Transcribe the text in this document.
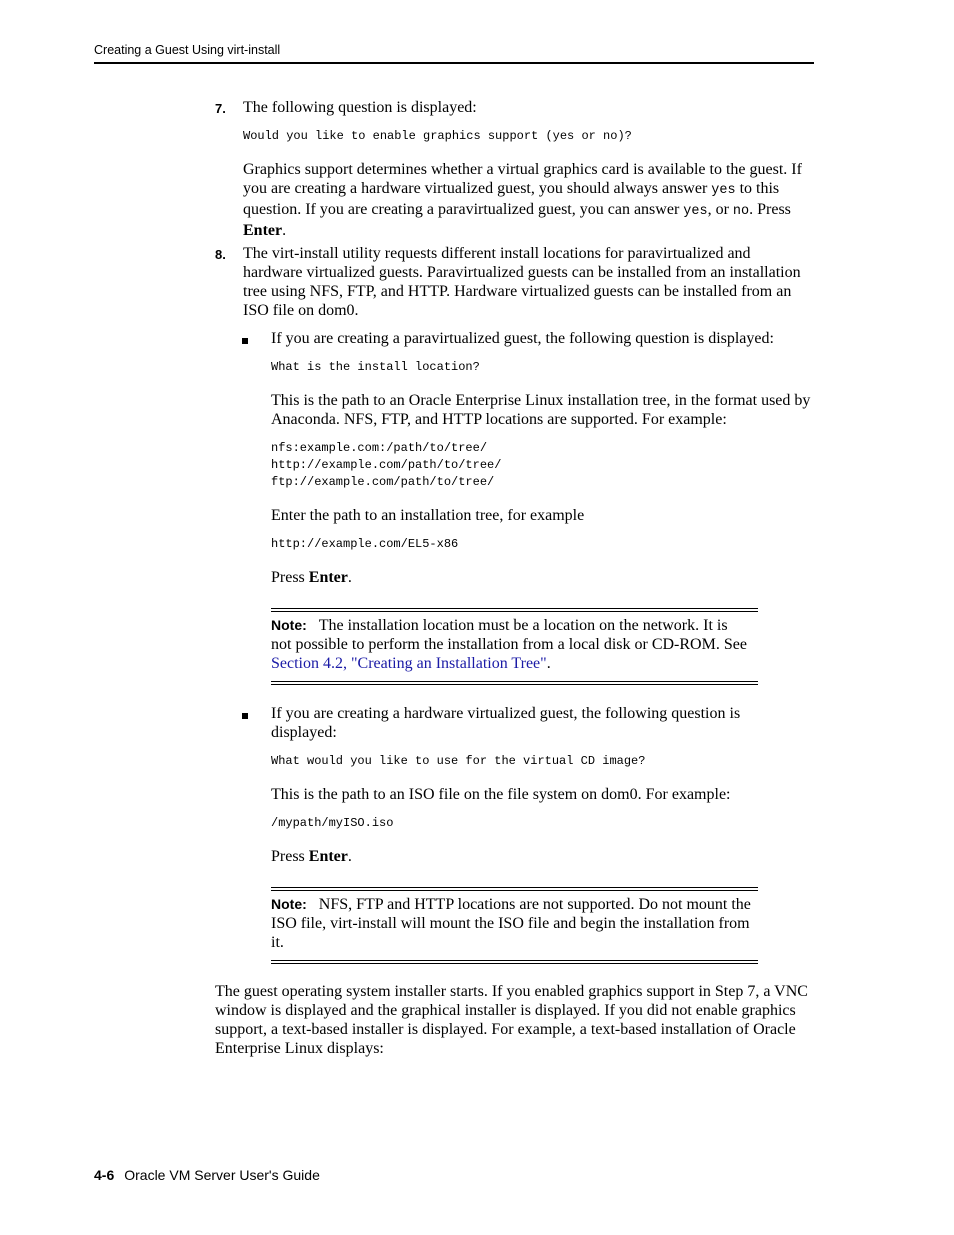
Creating a Guest Using virt-install
7. The following question is displayed:
Would you like to enable graphics support (yes or no)?
Graphics support determines whether a virtual graphics card is available to the guest. If you are creating a hardware virtualized guest, you should always answer yes to this question. If you are creating a paravirtualized guest, you can answer yes, or no. Press Enter.
8. The virt-install utility requests different install locations for paravirtualized and hardware virtualized guests. Paravirtualized guests can be installed from an installation tree using NFS, FTP, and HTTP. Hardware virtualized guests can be installed from an ISO file on dom0.
If you are creating a paravirtualized guest, the following question is displayed:
What is the install location?
This is the path to an Oracle Enterprise Linux installation tree, in the format used by Anaconda. NFS, FTP, and HTTP locations are supported. For example:
nfs:example.com:/path/to/tree/
http://example.com/path/to/tree/
ftp://example.com/path/to/tree/
Enter the path to an installation tree, for example
http://example.com/EL5-x86
Press Enter.
Note: The installation location must be a location on the network. It is not possible to perform the installation from a local disk or CD-ROM. See Section 4.2, "Creating an Installation Tree".
If you are creating a hardware virtualized guest, the following question is displayed:
What would you like to use for the virtual CD image?
This is the path to an ISO file on the file system on dom0. For example:
/mypath/myISO.iso
Press Enter.
Note: NFS, FTP and HTTP locations are not supported. Do not mount the ISO file, virt-install will mount the ISO file and begin the installation from it.
The guest operating system installer starts. If you enabled graphics support in Step 7, a VNC window is displayed and the graphical installer is displayed. If you did not enable graphics support, a text-based installer is displayed. For example, a text-based installation of Oracle Enterprise Linux displays:
4-6 Oracle VM Server User's Guide
